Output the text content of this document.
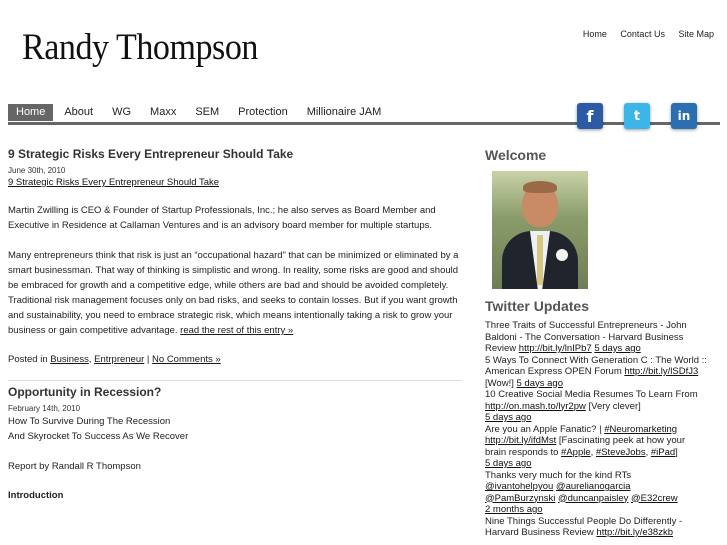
Randy Thompson	Home Contact Us Site Map
Home	About	WG	Maxx	SEM	Protection	Millionaire JAM	f	t	in
9 Strategic Risks Every Entrepreneur Should Take
June 30th, 2010
9 Strategic Risks Every Entrepreneur Should Take

Martin Zwilling is CEO & Founder of Startup Professionals, Inc.; he also serves as Board Member and Executive in Residence at Callaman Ventures and is an advisory board member for multiple startups.

Many entrepreneurs think that risk is just an “occupational hazard” that can be minimized or eliminated by a smart businessman. That way of thinking is simplistic and wrong. In reality, some risks are good and should be embraced for growth and a competitive edge, while others are bad and should be avoided completely.

Traditional risk management focuses only on bad risks, and seeks to contain losses. But if you want growth and sustainability, you need to embrace strategic risk, which means intentionally taking a risk to grow your business or gain competitive advantage. read the rest of this entry »

Posted in Business, Entrpreneur | No Comments »

Opportunity in Recession?
February 14th, 2010

How To Survive During The Recession

And Skyrocket To Success As We Recover

Report by Randall R Thompson

Introduction

Welcome
Twitter Updates

Three Traits of Successful Entrepreneurs - John Baldoni - The Conversation - Harvard Business Review http://bit.ly/lnIPb7 5 days ago

5 Ways To Connect With Generation C : The World :: American Express OPEN Forum http://bit.ly/lSDfJ3 [Wow!] 5 days ago

10 Creative Social Media Resumes To Learn From http://on.mash.to/lyr2pw [Very clever]
5 days ago

Are you an Apple Fanatic? | #Neuromarketing http://bit.ly/ifdMst [Fascinating peek at how your brain responds to #Apple, #SteveJobs, #iPad]
5 days ago

Thanks very much for the kind RTs
@ivantohelpyou @aurelianogarcia
@PamBurzynski @duncanpaisley @E32crew
2 months ago

Nine Things Successful People Do Differently - Harvard Business Review http://bit.ly/e38zkb
